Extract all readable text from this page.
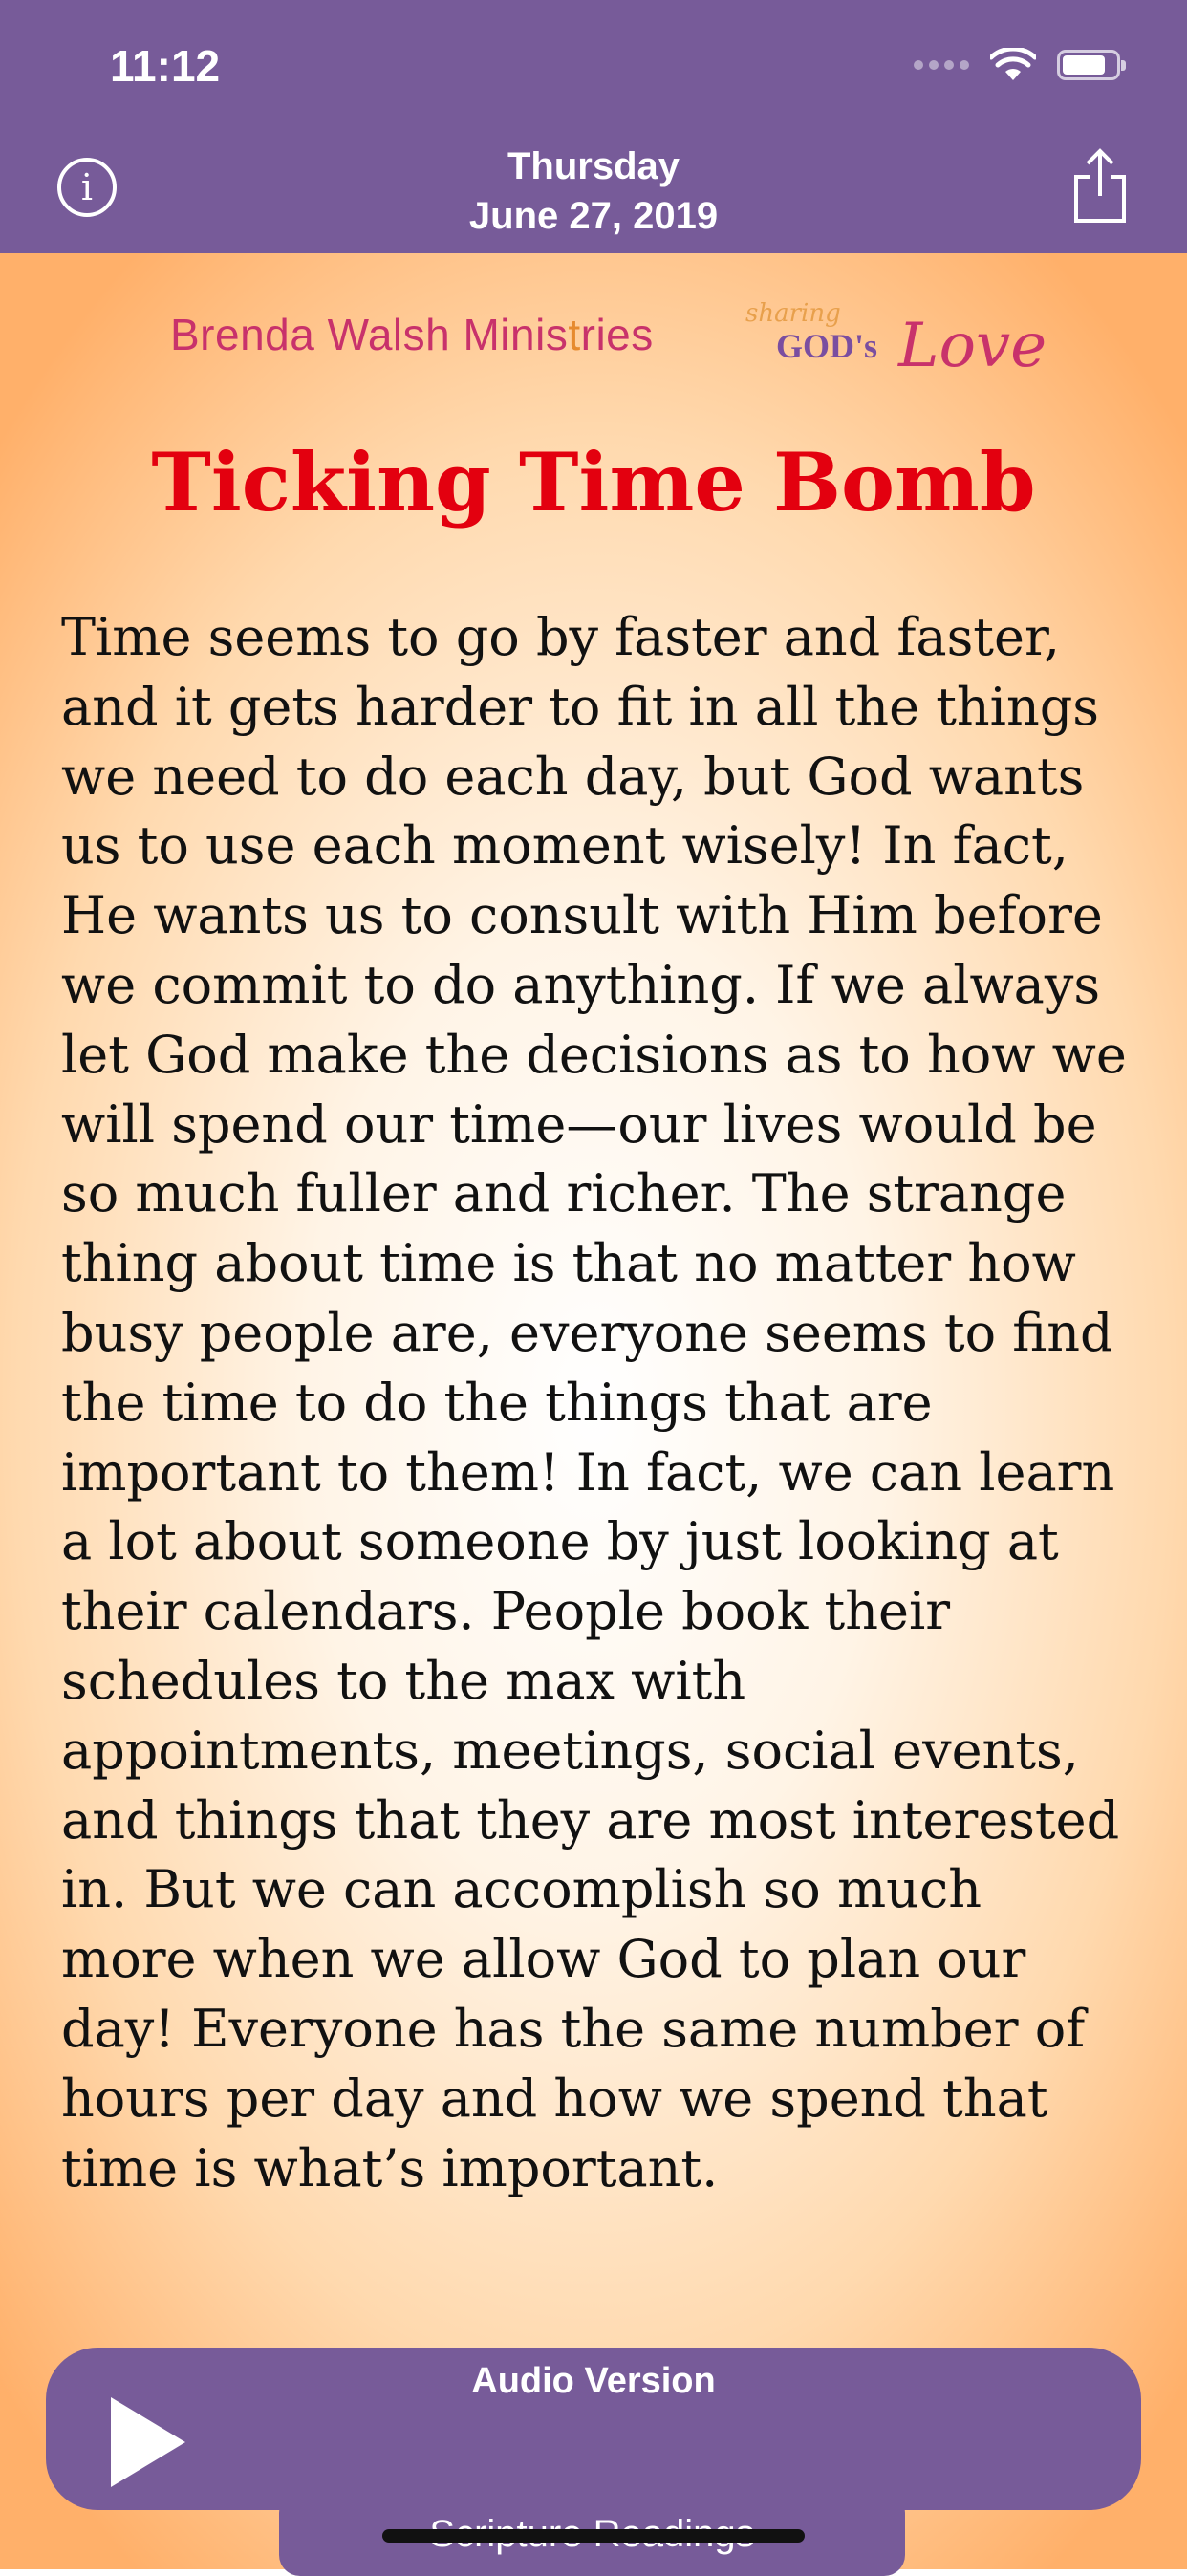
11:12
i	Thursday
June 27, 2019
Brenda Walsh Ministries	sharing
GOD's Love
Ticking Time Bomb

Time seems to go by faster and faster, and it gets harder to fit in all the things we need to do each day, but God wants us to use each moment wisely! In fact, He wants us to consult with Him before we commit to do anything. If we always let God make the decisions as to how we will spend our time—our lives would be so much fuller and richer. The strange thing about time is that no matter how busy people are, everyone seems to find the time to do the things that are important to them! In fact, we can learn a lot about someone by just looking at their calendars. People book their schedules to the max with appointments, meetings, social events, and things that they are most interested in. But we can accomplish so much more when we allow God to plan our day! Everyone has the same number of hours per day and how we spend that time is what’s important.

Audio Version
